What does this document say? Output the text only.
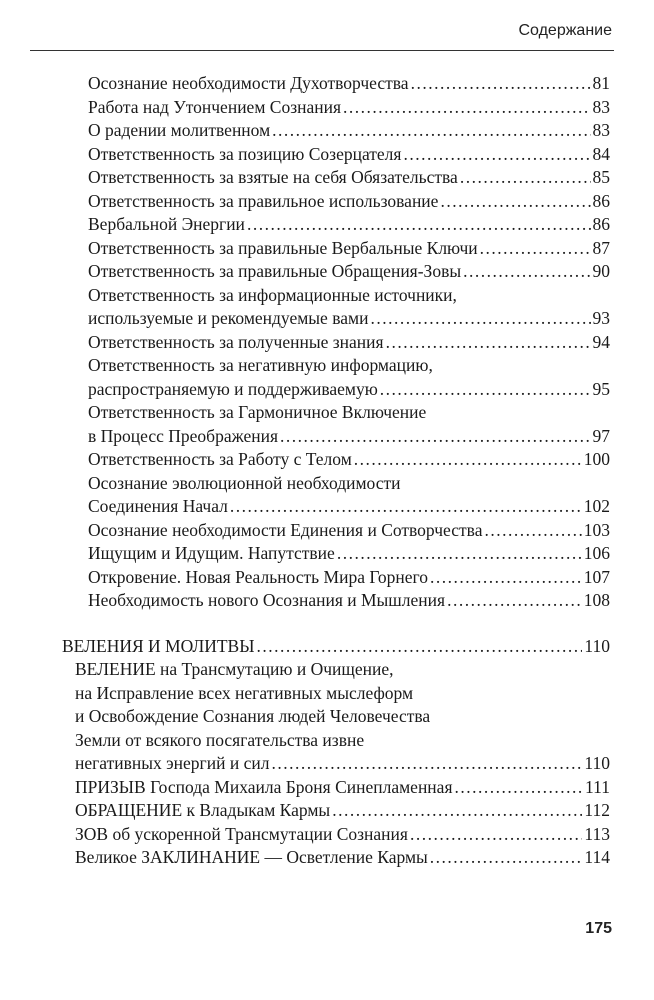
Содержание
Осознание необходимости Духотворчества .....	81
Работа над Утончением Сознания .....	83
О радении молитвенном .....	83
Ответственность за позицию Созерцателя .....	84
Ответственность за взятые на себя Обязательства .....	85
Ответственность за правильное использование .....	86
Вербальной Энергии .....	86
Ответственность за правильные Вербальные Ключи .....	87
Ответственность за правильные Обращения-Зовы .....	90
Ответственность за информационные источники,
используемые и рекомендуемые вами .....	93
Ответственность за полученные знания .....	94
Ответственность за негативную информацию,
распространяемую и поддерживаемую .....	95
Ответственность за Гармоничное Включение
в Процесс Преображения .....	97
Ответственность за Работу с Телом .....	100
Осознание эволюционной необходимости
Соединения Начал .....	102
Осознание необходимости Единения и Сотворчества .....	103
Ищущим и Идущим. Напутствие .....	106
Откровение. Новая Реальность Мира Горнего .....	107
Необходимость нового Осознания и Мышления .....	108
ВЕЛЕНИЯ И МОЛИТВЫ .....	110
ВЕЛЕНИЕ на Трансмутацию и Очищение,
на Исправление всех негативных мыслеформ
и Освобождение Сознания людей Человечества
Земли от всякого посягательства извне
негативных энергий и сил .....	110
ПРИЗЫВ Господа Михаила Броня Синепламенная .....	111
ОБРАЩЕНИЕ к Владыкам Кармы .....	112
ЗОВ об ускоренной Трансмутации Сознания .....	113
Великое ЗАКЛИНАНИЕ — Осветление Кармы .....	114
175
